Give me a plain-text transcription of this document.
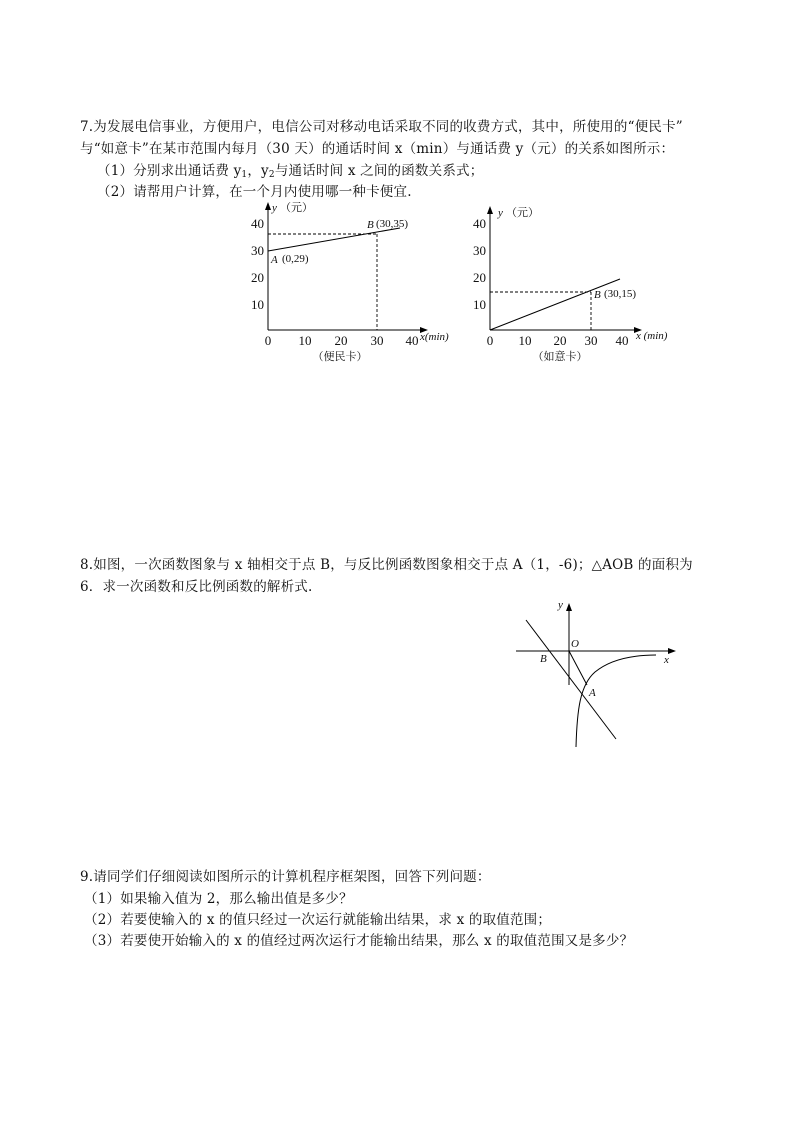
7.为发展电信事业，方便用户，电信公司对移动电话采取不同的收费方式，其中，所使用的“便民卡”
与“如意卡”在某市范围内每月（30 天）的通话时间 x（min）与通话费 y（元）的关系如图所示：
（1）分别求出通话费 $y_1$，$y_2$与通话时间 x 之间的函数关系式；
（2）请帮用户计算，在一个月内使用哪一种卡便宜.
0 10 20 30 40
10
20
30
40
y （元）
x(min)
A (0,29)
B (30,35)
（便民卡）
0 10 20 30 40
10
20
30
40
y （元）
x (min)
B (30,15)
（如意卡）
8.如图，一次函数图象与 x 轴相交于点 B，与反比例函数图象相交于点 A（1，-6)；△AOB 的面积为
6．求一次函数和反比例函数的解析式.
y
x
O
B
A
9.请同学们仔细阅读如图所示的计算机程序框架图，回答下列问题：
（1）如果输入值为 2，那么输出值是多少？
（2）若要使输入的 x 的值只经过一次运行就能输出结果，求 x 的取值范围；
（3）若要使开始输入的 x 的值经过两次运行才能输出结果，那么 x 的取值范围又是多少？
